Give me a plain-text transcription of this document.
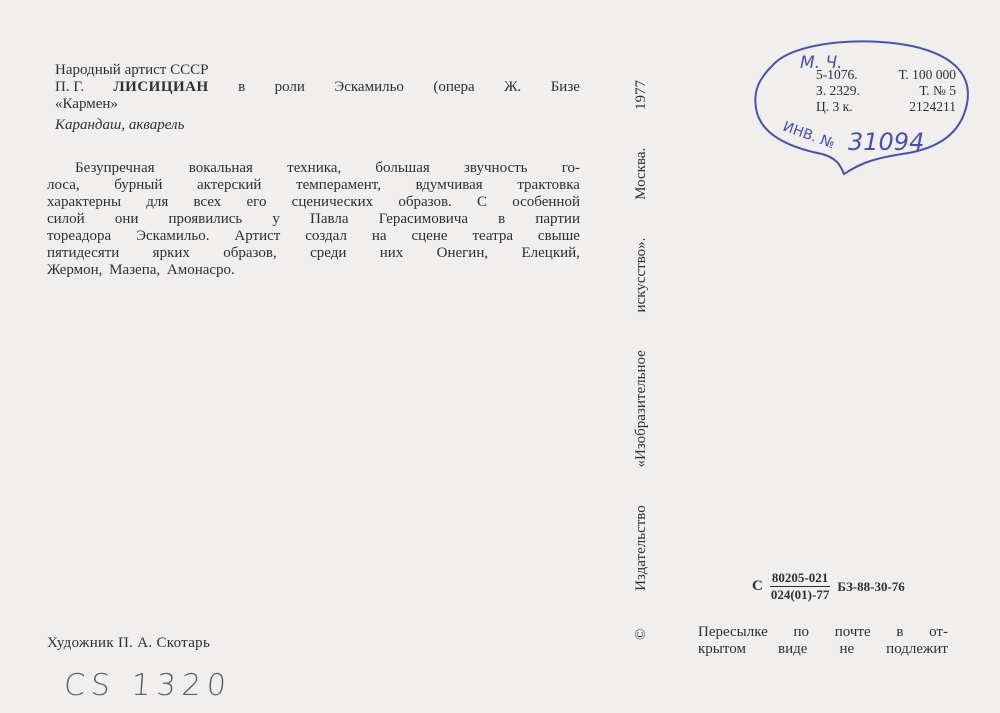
Народный артист СССР
П. Г. ЛИСИЦИАН в роли Эскамильо (опера Ж. Бизе
«Кармен»
Карандаш, акварель
Безупречная вокальная техника, большая звучность го-
лоса, бурный актерский темперамент, вдумчивая трактовка
характерны для всех его сценических образов. С особенной
силой они проявились у Павла Герасимовича в партии
тореадора Эскамильо. Артист создал на сцене театра свыше
пятидесяти ярких образов, среди них Онегин, Елецкий,
Жермон, Мазепа, Амонасро.
Художник П. А. Скотарь
CS 1320
©
Издательство
«Изобразительное
искусство».
Москва.
1977
М. Ч.
ИНВ. № 31094
5-1076.	Т. 100 000
З. 2329.	Т. № 5
Ц. 3 к.	2124211
С $\frac{80205-021}{024(01)-77} БЗ-88-30-76$
Пересылке по почте в от-
крытом виде не подлежит
